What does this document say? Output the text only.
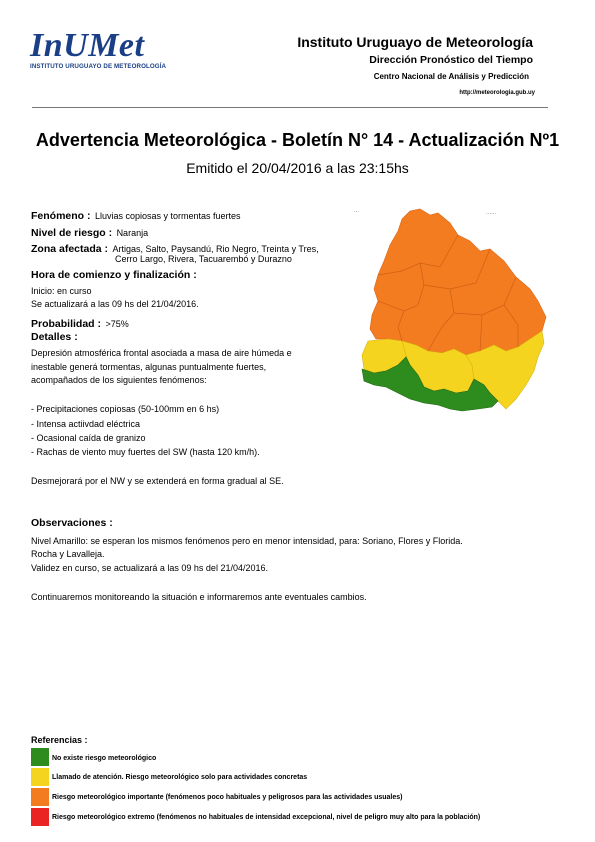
InUMet
INSTITUTO URUGUAYO DE METEOROLOGÍA
Instituto Uruguayo de Meteorología
Dirección Pronóstico del Tiempo
Centro Nacional de Análisis y Predicción
http://meteorologia.gub.uy
Advertencia Meteorológica - Boletín N° 14 - Actualización Nº1
Emitido el 20/04/2016 a las 23:15hs
Fenómeno : Lluvias copiosas y tormentas fuertes
Nivel de riesgo : Naranja
Zona afectada : Artigas, Salto, Paysandú, Rio Negro, Treinta y Tres,
Cerro Largo, Rivera, Tacuarembó y Durazno
Hora de comienzo y finalización :
Inicio: en curso
Se actualizará a las 09 hs del 21/04/2016.
Probabilidad : >75%
Detalles :
Depresión atmosférica frontal asociada a masa de aire húmeda e
inestable generá tormentas, algunas puntualmente fuertes,
acompañados de los siguientes fenómenos:
- Precipitaciones copiosas (50-100mm en 6 hs)
- Intensa actiivdad eléctrica
- Ocasional caída de granizo
- Rachas de viento muy fuertes del SW (hasta 120 km/h).
Desmejorará por el NW y se extenderá en forma gradual al SE.
Observaciones :
Nivel Amarillo: se esperan los mismos fenómenos pero en menor intensidad, para: Soriano, Flores y Florida.
Rocha y Lavalleja.
Validez en curso, se actualizará a las 09 hs del 21/04/2016.
Continuaremos monitoreando la situación e informaremos ante eventuales cambios.
...	......
Referencias :
No existe riesgo meteorológico
Llamado de atención. Riesgo meteorológico solo para actividades concretas
Riesgo meteorológico importante (fenómenos poco habituales y peligrosos para las actividades usuales)
Riesgo meteorológico extremo (fenómenos no habituales de intensidad excepcional, nivel de peligro muy alto para la población)
